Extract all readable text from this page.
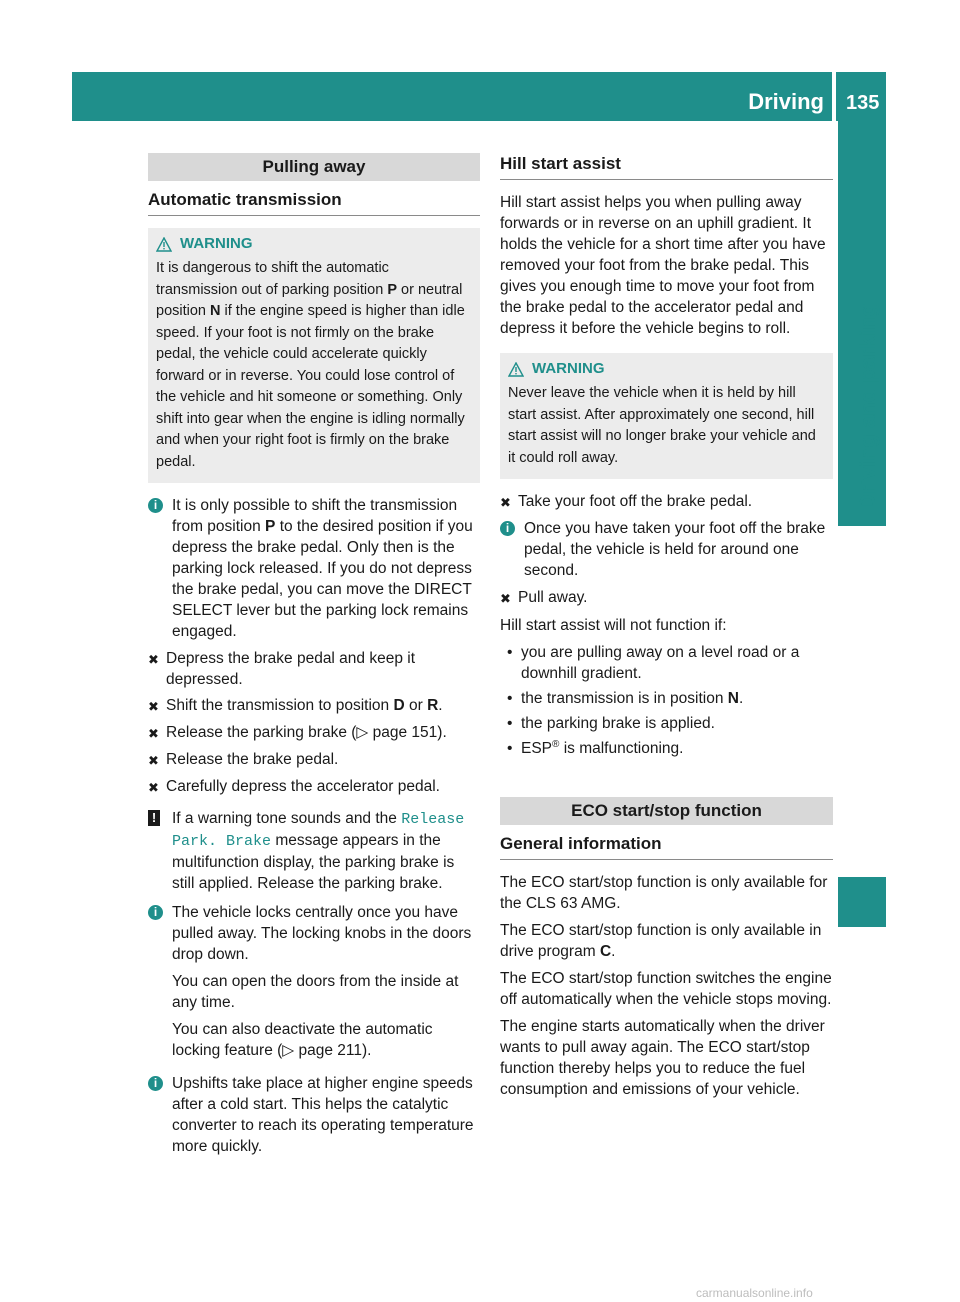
Driving 135
Driving and parking
Pulling away
Automatic transmission
WARNING
It is dangerous to shift the automatic transmission out of parking position P or neutral position N if the engine speed is higher than idle speed. If your foot is not firmly on the brake pedal, the vehicle could accelerate quickly forward or in reverse. You could lose control of the vehicle and hit someone or something. Only shift into gear when the engine is idling normally and when your right foot is firmly on the brake pedal.
i It is only possible to shift the transmission from position P to the desired position if you depress the brake pedal. Only then is the parking lock released. If you do not depress the brake pedal, you can move the DIRECT SELECT lever but the parking lock remains engaged.
✖ Depress the brake pedal and keep it depressed.
✖ Shift the transmission to position D or R.
✖ Release the parking brake (▷ page 151).
✖ Release the brake pedal.
✖ Carefully depress the accelerator pedal.
! If a warning tone sounds and the Release Park. Brake message appears in the multifunction display, the parking brake is still applied. Release the parking brake.
i The vehicle locks centrally once you have pulled away. The locking knobs in the doors drop down.
You can open the doors from the inside at any time.
You can also deactivate the automatic locking feature (▷ page 211).
i Upshifts take place at higher engine speeds after a cold start. This helps the catalytic converter to reach its operating temperature more quickly.
Hill start assist
Hill start assist helps you when pulling away forwards or in reverse on an uphill gradient. It holds the vehicle for a short time after you have removed your foot from the brake pedal. This gives you enough time to move your foot from the brake pedal to the accelerator pedal and depress it before the vehicle begins to roll.
WARNING
Never leave the vehicle when it is held by hill start assist. After approximately one second, hill start assist will no longer brake your vehicle and it could roll away.
✖ Take your foot off the brake pedal.
i Once you have taken your foot off the brake pedal, the vehicle is held for around one second.
✖ Pull away.
Hill start assist will not function if:
• you are pulling away on a level road or a downhill gradient.
• the transmission is in position N.
• the parking brake is applied.
• ESP® is malfunctioning.
ECO start/stop function
General information
The ECO start/stop function is only available for the CLS 63 AMG.
The ECO start/stop function is only available in drive program C.
The ECO start/stop function switches the engine off automatically when the vehicle stops moving.
The engine starts automatically when the driver wants to pull away again. The ECO start/stop function thereby helps you to reduce the fuel consumption and emissions of your vehicle.
carmanualsonline.info
